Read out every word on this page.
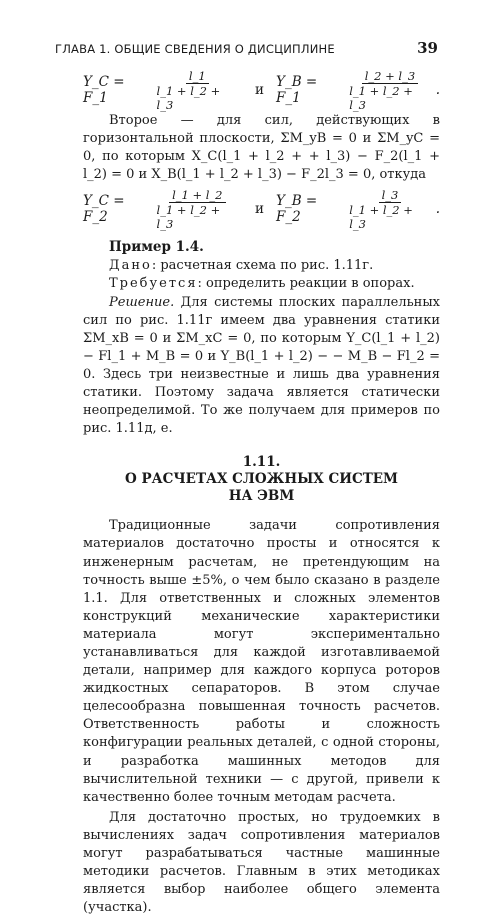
ГЛАВА 1. ОБЩИЕ СВЕДЕНИЯ О ДИСЦИПЛИНЕ	39
Y_C = F_1	$\frac{l\_1}{l\_1 + l\_2 + l\_3}$ и Y_B = F_1	$\frac{l\_2 + l\_3}{l\_1 + l\_2 + l\_3}$ .

Второе — для сил, действующих в горизонтальной плоскости, ΣM_yB = 0 и ΣM_yC = 0, по которым X_C(l_1 + l_2 + + l_3) − F_2(l_1 + l_2) = 0 и X_B(l_1 + l_2 + l_3) − F_2l_3 = 0, откуда

Y_C = F_2	$\frac{l\_1 + l\_2}{l\_1 + l\_2 + l\_3}$ и Y_B = F_2	$\frac{l\_3}{l\_1 + l\_2 + l\_3}$ .

Пример 1.4.

Дано: расчетная схема по рис. 1.11г.

Требуется: определить реакции в опорах.

Решение. Для системы плоских параллельных сил по рис. 1.11г имеем два уравнения статики ΣM_xB = 0 и ΣM_xC = 0, по которым Y_C(l_1 + l_2) − Fl_1 + M_B = 0 и Y_B(l_1 + l_2) − − M_B − Fl_2 = 0. Здесь три неизвестные и лишь два уравнения статики. Поэтому задача является статически неопределимой. То же получаем для примеров по рис. 1.11д, е.

1.11.

О РАСЧЕТАХ СЛОЖНЫХ СИСТЕМ

НА ЭВМ

Традиционные задачи сопротивления материалов достаточно просты и относятся к инженерным расчетам, не претендующим на точность выше ±5%, о чем было сказано в разделе 1.1. Для ответственных и сложных элементов конструкций механические характеристики материала могут экспериментально устанавливаться для каждой изготавливаемой детали, например для каждого корпуса роторов жидкостных сепараторов. В этом случае целесообразна повышенная точность расчетов. Ответственность работы и сложность конфигурации реальных деталей, с одной стороны, и разработка машинных методов для вычислительной техники — с другой, привели к качественно более точным методам расчета.

Для достаточно простых, но трудоемких в вычислениях задач сопротивления материалов могут разрабатываться частные машинные методики расчетов. Главным в этих методиках является выбор наиболее общего элемента (участка).
